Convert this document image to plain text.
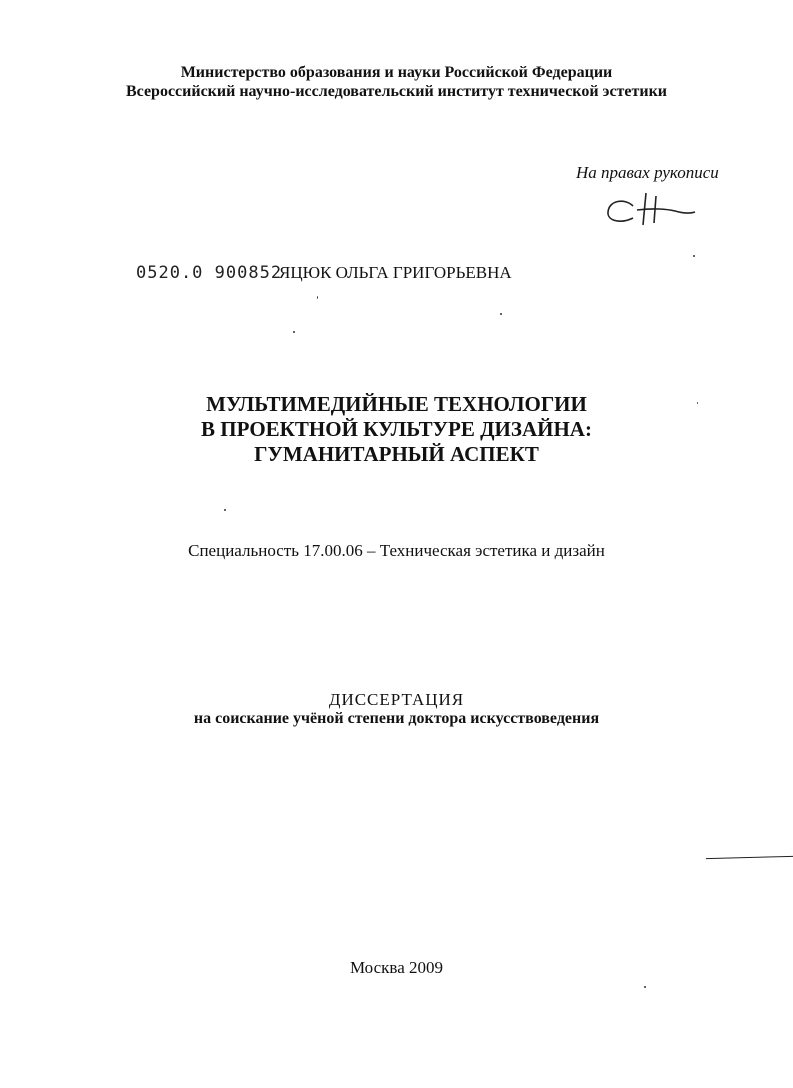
Министерство образования и науки Российской Федерации
Всероссийский научно-исследовательский институт технической эстетики
На правах рукописи
0520.0 900852
ЯЦЮК ОЛЬГА ГРИГОРЬЕВНА
МУЛЬТИМЕДИЙНЫЕ ТЕХНОЛОГИИ
В ПРОЕКТНОЙ КУЛЬТУРЕ ДИЗАЙНА:
ГУМАНИТАРНЫЙ АСПЕКТ
Специальность 17.00.06 – Техническая эстетика и дизайн
ДИССЕРТАЦИЯ
на соискание учёной степени доктора искусствоведения
Москва 2009
